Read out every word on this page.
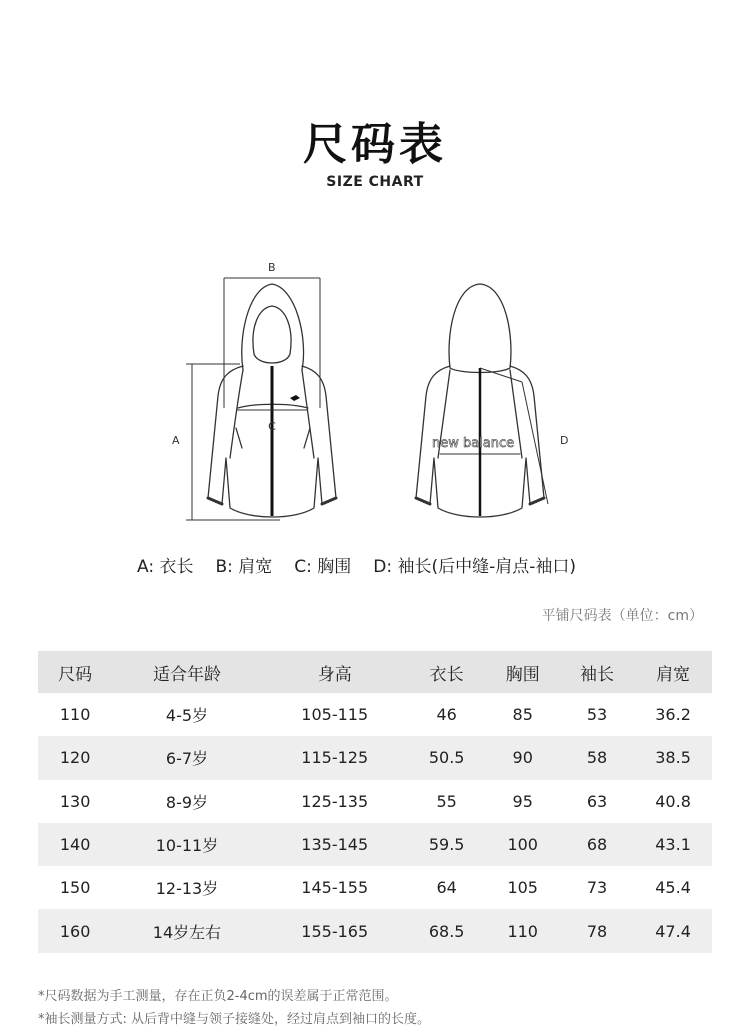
尺码表
SIZE CHART
A
B
C
new balance	D
A: 衣长 B: 肩宽 C: 胸围 D: 袖长(后中缝-肩点-袖口)
平铺尺码表（单位：cm）
尺码	适合年龄	身高	衣长	胸围	袖长	肩宽
110	4-5岁	105-115	46	85	53	36.2
120	6-7岁	115-125	50.5	90	58	38.5
130	8-9岁	125-135	55	95	63	40.8
140	10-11岁	135-145	59.5	100	68	43.1
150	12-13岁	145-155	64	105	73	45.4
160	14岁左右	155-165	68.5	110	78	47.4
*尺码数据为手工测量，存在正负2-4cm的误差属于正常范围。
*袖长测量方式: 从后背中缝与领子接缝处，经过肩点到袖口的长度。
